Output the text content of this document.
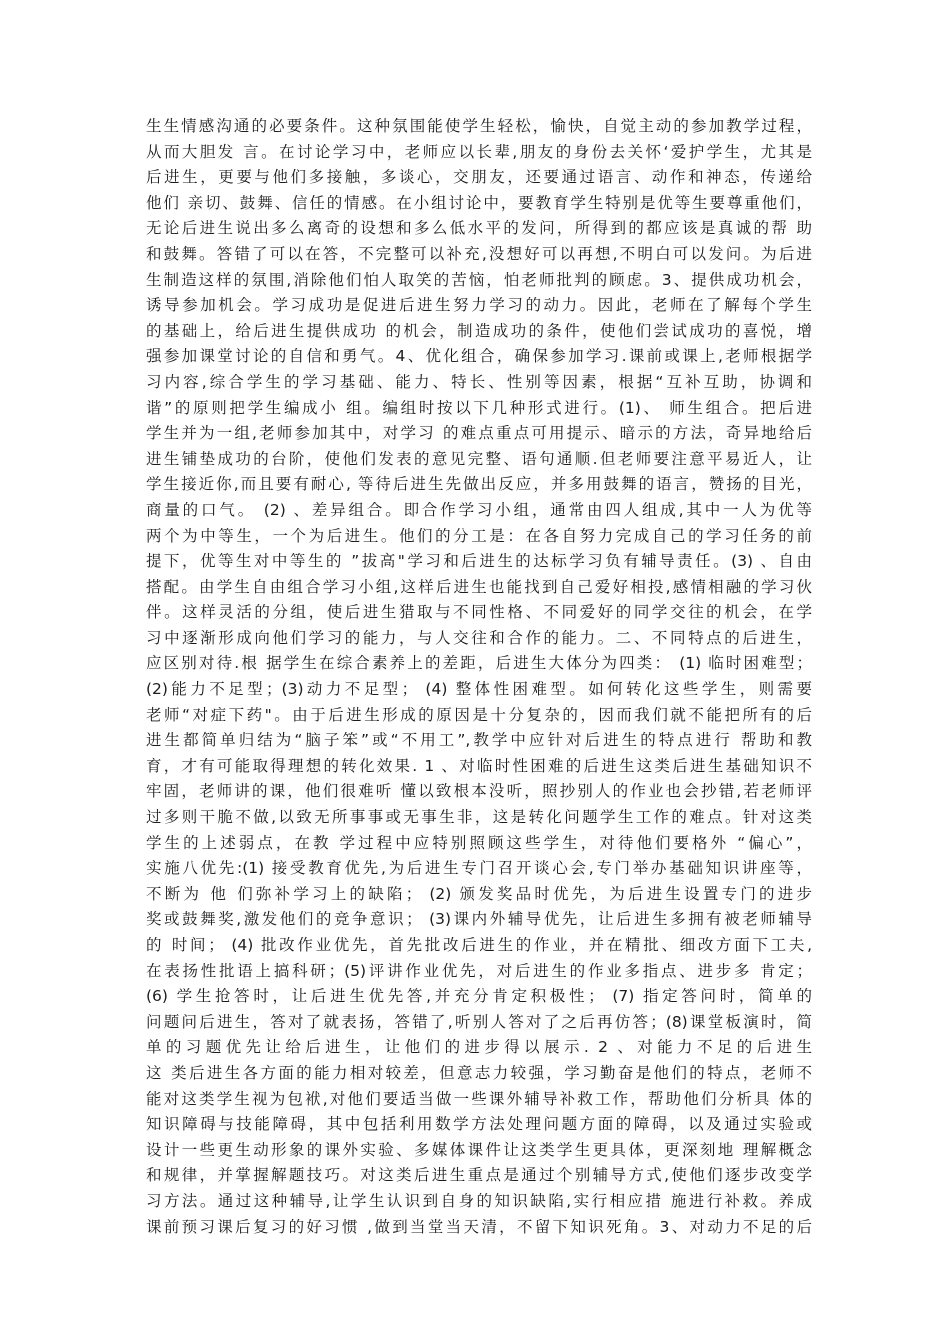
生生情感沟通的必要条件。这种氛围能使学生轻松，愉快，自觉主动的参加教学过程，
从而大胆发 言。在讨论学习中，老师应以长辈,朋友的身份去关怀‘爱护学生，尤其是
后进生，更要与他们多接触，多谈心，交朋友，还要通过语言、动作和神态，传递给
他们 亲切、鼓舞、信任的情感。在小组讨论中，要教育学生特别是优等生要尊重他们，
无论后进生说出多么离奇的设想和多么低水平的发问，所得到的都应该是真诚的帮 助
和鼓舞。答错了可以在答，不完整可以补充,没想好可以再想,不明白可以发问。为后进
生制造这样的氛围,消除他们怕人取笑的苦恼，怕老师批判的顾虑。3、提供成功机会，
诱导参加机会。学习成功是促进后进生努力学习的动力。因此，老师在了解每个学生
的基础上，给后进生提供成功 的机会，制造成功的条件，使他们尝试成功的喜悦，增
强参加课堂讨论的自信和勇气。4、优化组合，确保参加学习.课前或课上,老师根据学
习内容,综合学生的学习基础、能力、特长、性别等因素，根据“互补互助，协调和
谐”的原则把学生编成小 组。编组时按以下几种形式进行。(1)、 师生组合。把后进
学生并为一组,老师参加其中，对学习 的难点重点可用提示、暗示的方法，奇异地给后
进生铺垫成功的台阶，使他们发表的意见完整、语句通顺.但老师要注意平易近人，让
学生接近你,而且要有耐心, 等待后进生先做出反应，并多用鼓舞的语言，赞扬的目光，
商量的口气。 (2) 、差异组合。即合作学习小组，通常由四人组成,其中一人为优等
两个为中等生，一个为后进生。他们的分工是：在各自努力完成自己的学习任务的前
提下，优等生对中等生的 ”拔高"学习和后进生的达标学习负有辅导责任。(3) 、自由
搭配。由学生自由组合学习小组,这样后进生也能找到自己爱好相投,感情相融的学习伙
伴。这样灵活的分组，使后进生猎取与不同性格、不同爱好的同学交往的机会，在学
习中逐渐形成向他们学习的能力，与人交往和合作的能力。二、不同特点的后进生，
应区别对待.根 据学生在综合素养上的差距，后进生大体分为四类： (1) 临时困难型；
(2)能力不足型；(3)动力不足型； (4) 整体性困难型。如何转化这些学生，则需要
老师“对症下药"。由于后进生形成的原因是十分复杂的，因而我们就不能把所有的后
进生都简单归结为“脑子笨”或“不用工”,教学中应针对后进生的特点进行 帮助和教
育，才有可能取得理想的转化效果. 1 、对临时性困难的后进生这类后进生基础知识不
牢固，老师讲的课，他们很难听 懂以致根本没听，照抄别人的作业也会抄错,若老师评
过多则干脆不做,以致无所事事或无事生非，这是转化问题学生工作的难点。针对这类
学生的上述弱点，在教 学过程中应特别照顾这些学生，对待他们要格外 “偏心”，
实施八优先:(1) 接受教育优先,为后进生专门召开谈心会,专门举办基础知识讲座等，
不断为 他 们弥补学习上的缺陷； (2) 颁发奖品时优先，为后进生设置专门的进步
奖或鼓舞奖,激发他们的竞争意识； (3)课内外辅导优先，让后进生多拥有被老师辅导
的 时间； (4) 批改作业优先，首先批改后进生的作业，并在精批、细改方面下工夫,
在表扬性批语上搞科研；(5)评讲作业优先，对后进生的作业多指点、进步多 肯定；
(6) 学生抢答时，让后进生优先答,并充分肯定积极性； (7) 指定答问时，简单的
问题问后进生，答对了就表扬，答错了,听别人答对了之后再仿答；(8)课堂板演时，简
单的习题优先让给后进生，让他们的进步得以展示. 2 、对能力不足的后进生
这 类后进生各方面的能力相对较差，但意志力较强，学习勤奋是他们的特点，老师不
能对这类学生视为包袱,对他们要适当做一些课外辅导补救工作，帮助他们分析具 体的
知识障碍与技能障碍，其中包括利用数学方法处理问题方面的障碍，以及通过实验或
设计一些更生动形象的课外实验、多媒体课件让这类学生更具体，更深刻地 理解概念
和规律，并掌握解题技巧。对这类后进生重点是通过个别辅导方式,使他们逐步改变学
习方法。通过这种辅导,让学生认识到自身的知识缺陷,实行相应措 施进行补救。养成
课前预习课后复习的好习惯 ,做到当堂当天清，不留下知识死角。3、对动力不足的后
